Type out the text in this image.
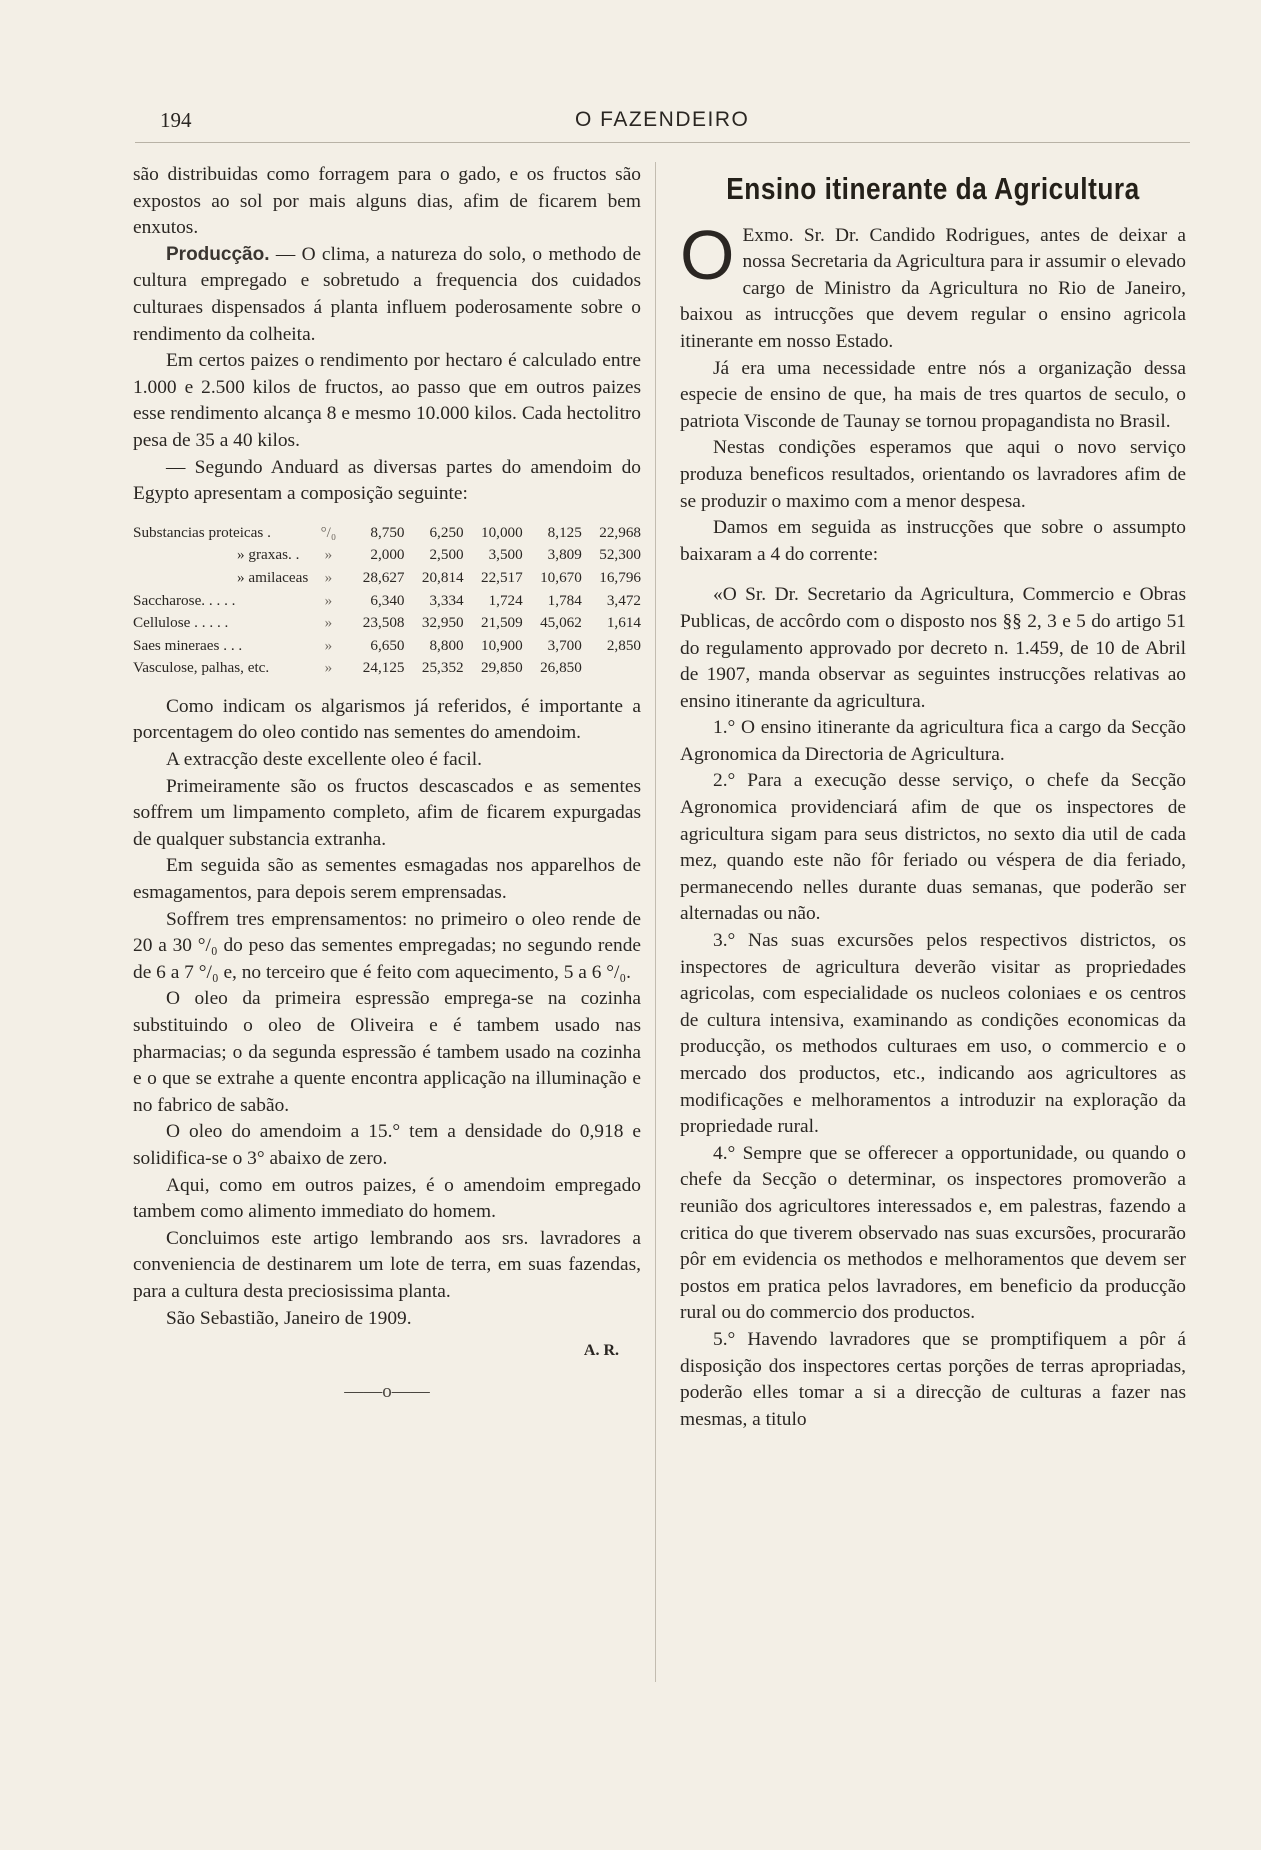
194	O FAZENDEIRO

são distribuidas como forragem para o gado, e os fructos são expostos ao sol por mais alguns dias, afim de ficarem bem enxutos.

Producção. — O clima, a natureza do solo, o methodo de cultura empregado e sobretudo a frequencia dos cuidados culturaes dispensados á planta influem poderosamente sobre o rendimento da colheita.

Em certos paizes o rendimento por hectaro é calculado entre 1.000 e 2.500 kilos de fructos, ao passo que em outros paizes esse rendimento alcança 8 e mesmo 10.000 kilos. Cada hectolitro pesa de 35 a 40 kilos.

— Segundo Anduard as diversas partes do amendoim do Egypto apresentam a composição seguinte:

Substancias proteicas .	°/₀	8,750	6,250	10,000	8,125	22,968
» graxas. .	»	2,000	2,500	3,500	3,809	52,300
» amilaceas	»	28,627	20,814	22,517	10,670	16,796
Saccharose. . . . .	»	6,340	3,334	1,724	1,784	3,472
Cellulose . . . . .	»	23,508	32,950	21,509	45,062	1,614
Saes mineraes . . .	»	6,650	8,800	10,900	3,700	2,850
Vasculose, palhas, etc.	»	24,125	25,352	29,850	26,850	

Como indicam os algarismos já referidos, é importante a porcentagem do oleo contido nas sementes do amendoim.

A extracção deste excellente oleo é facil.

Primeiramente são os fructos descascados e as sementes soffrem um limpamento completo, afim de ficarem expurgadas de qualquer substancia extranha.

Em seguida são as sementes esmagadas nos apparelhos de esmagamentos, para depois serem emprensadas.

Soffrem tres emprensamentos: no primeiro o oleo rende de 20 a 30 °/₀ do peso das sementes empregadas; no segundo rende de 6 a 7 °/₀ e, no terceiro que é feito com aquecimento, 5 a 6 °/₀.

O oleo da primeira espressão emprega-se na cozinha substituindo o oleo de Oliveira e é tambem usado nas pharmacias; o da segunda espressão é tambem usado na cozinha e o que se extrahe a quente encontra applicação na illuminação e no fabrico de sabão.

O oleo do amendoim a 15.° tem a densidade do 0,918 e solidifica-se o 3° abaixo de zero.

Aqui, como em outros paizes, é o amendoim empregado tambem como alimento immediato do homem.

Concluimos este artigo lembrando aos srs. lavradores a conveniencia de destinarem um lote de terra, em suas fazendas, para a cultura desta preciosissima planta.

São Sebastião, Janeiro de 1909.

A. R.
——o——
Ensino itinerante da Agricultura

O Exmo. Sr. Dr. Candido Rodrigues, antes de deixar a nossa Secretaria da Agricultura para ir assumir o elevado cargo de Ministro da Agricultura no Rio de Janeiro, baixou as intrucções que devem regular o ensino agricola itinerante em nosso Estado.

Já era uma necessidade entre nós a organização dessa especie de ensino de que, ha mais de tres quartos de seculo, o patriota Visconde de Taunay se tornou propagandista no Brasil.

Nestas condições esperamos que aqui o novo serviço produza beneficos resultados, orientando os lavradores afim de se produzir o maximo com a menor despesa.

Damos em seguida as instrucções que sobre o assumpto baixaram a 4 do corrente:

«O Sr. Dr. Secretario da Agricultura, Commercio e Obras Publicas, de accôrdo com o disposto nos §§ 2, 3 e 5 do artigo 51 do regulamento approvado por decreto n. 1.459, de 10 de Abril de 1907, manda observar as seguintes instrucções relativas ao ensino itinerante da agricultura.

1.° O ensino itinerante da agricultura fica a cargo da Secção Agronomica da Directoria de Agricultura.

2.° Para a execução desse serviço, o chefe da Secção Agronomica providenciará afim de que os inspectores de agricultura sigam para seus districtos, no sexto dia util de cada mez, quando este não fôr feriado ou véspera de dia feriado, permanecendo nelles durante duas semanas, que poderão ser alternadas ou não.

3.° Nas suas excursões pelos respectivos districtos, os inspectores de agricultura deverão visitar as propriedades agricolas, com especialidade os nucleos coloniaes e os centros de cultura intensiva, examinando as condições economicas da producção, os methodos culturaes em uso, o commercio e o mercado dos productos, etc., indicando aos agricultores as modificações e melhoramentos a introduzir na exploração da propriedade rural.

4.° Sempre que se offerecer a opportunidade, ou quando o chefe da Secção o determinar, os inspectores promoverão a reunião dos agricultores interessados e, em palestras, fazendo a critica do que tiverem observado nas suas excursões, procurarão pôr em evidencia os methodos e melhoramentos que devem ser postos em pratica pelos lavradores, em beneficio da producção rural ou do commercio dos productos.

5.° Havendo lavradores que se promptifiquem a pôr á disposição dos inspectores certas porções de terras apropriadas, poderão elles tomar a si a direcção de culturas a fazer nas mesmas, a titulo
